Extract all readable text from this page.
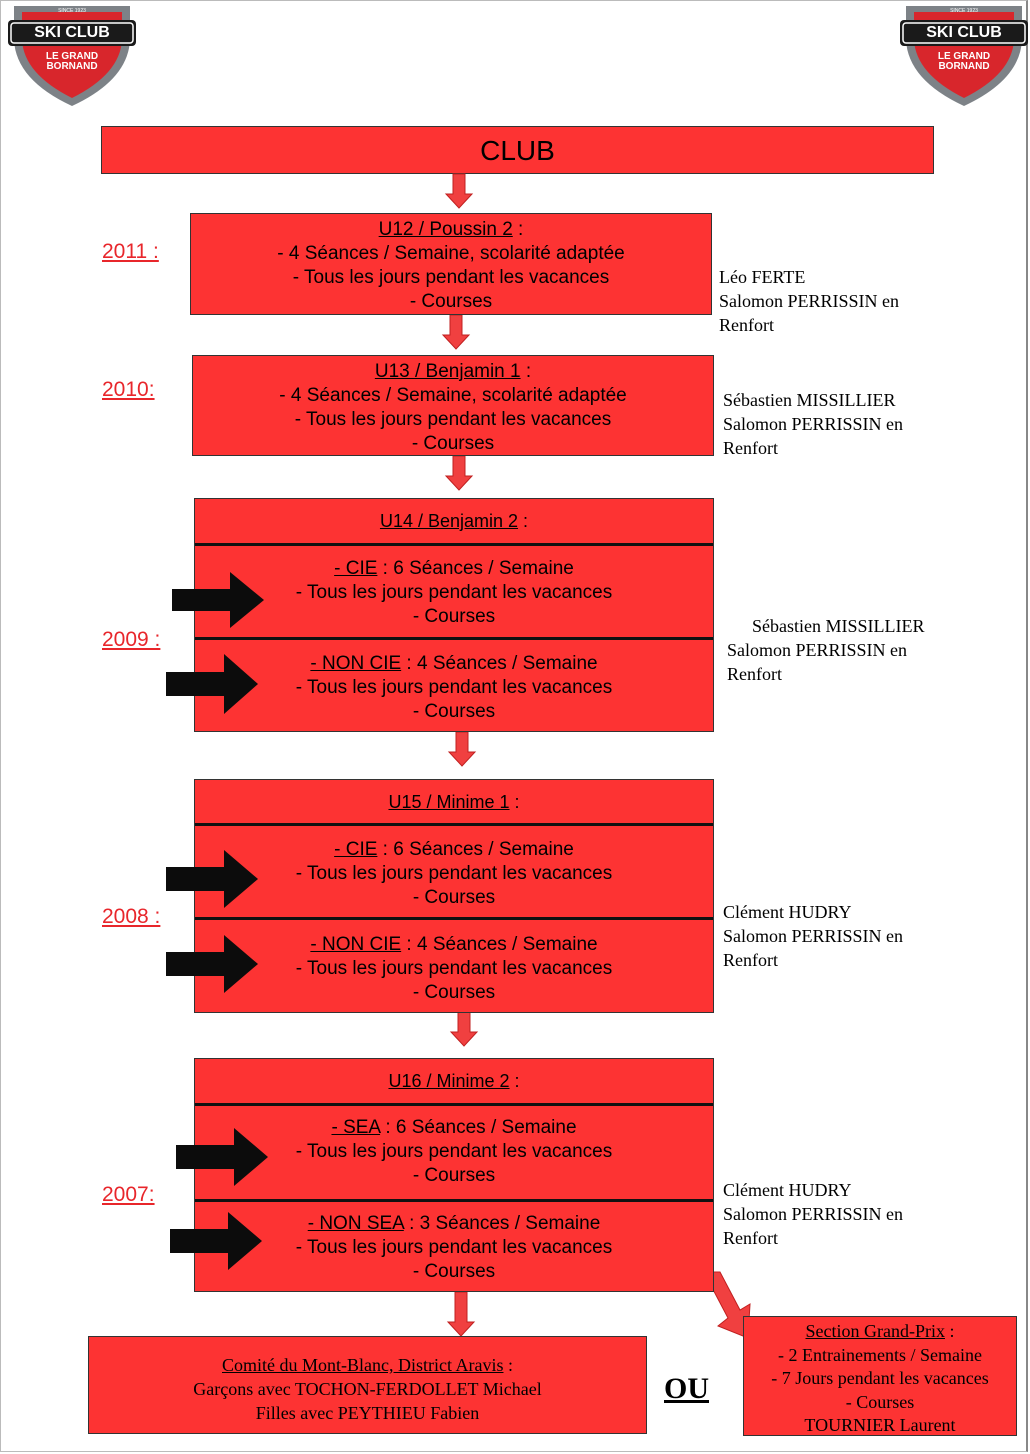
SINCE 1923
SKI CLUB
LE GRAND
BORNAND
SINCE 1923
SKI CLUB
LE GRAND
BORNAND
CLUB
2011 :
U12 / Poussin 2 :
- 4 Séances / Semaine, scolarité adaptée
- Tous les jours pendant les vacances
- Courses
Léo FERTE
Salomon PERRISSIN en
Renfort
2010:
U13 / Benjamin 1 :
- 4 Séances / Semaine, scolarité adaptée
- Tous les jours pendant les vacances
- Courses
Sébastien MISSILLIER
Salomon PERRISSIN en
Renfort
2009 :
U14 / Benjamin 2 :
- CIE : 6 Séances / Semaine
- Tous les jours pendant les vacances
- Courses
- NON CIE : 4 Séances / Semaine
- Tous les jours pendant les vacances
- Courses
Sébastien MISSILLIER
Salomon PERRISSIN en
Renfort
2008 :
U15 / Minime 1 :
- CIE : 6 Séances / Semaine
- Tous les jours pendant les vacances
- Courses
- NON CIE : 4 Séances / Semaine
- Tous les jours pendant les vacances
- Courses
Clément HUDRY
Salomon PERRISSIN en
Renfort
2007:
U16 / Minime 2 :
- SEA : 6 Séances / Semaine
- Tous les jours pendant les vacances
- Courses
- NON SEA : 3 Séances / Semaine
- Tous les jours pendant les vacances
- Courses
Clément HUDRY
Salomon PERRISSIN en
Renfort
Comité du Mont-Blanc, District Aravis :
Garçons avec TOCHON-FERDOLLET Michael
Filles avec PEYTHIEU Fabien
OU
Section Grand-Prix :
- 2 Entrainements / Semaine
- 7 Jours pendant les vacances
- Courses
TOURNIER Laurent
